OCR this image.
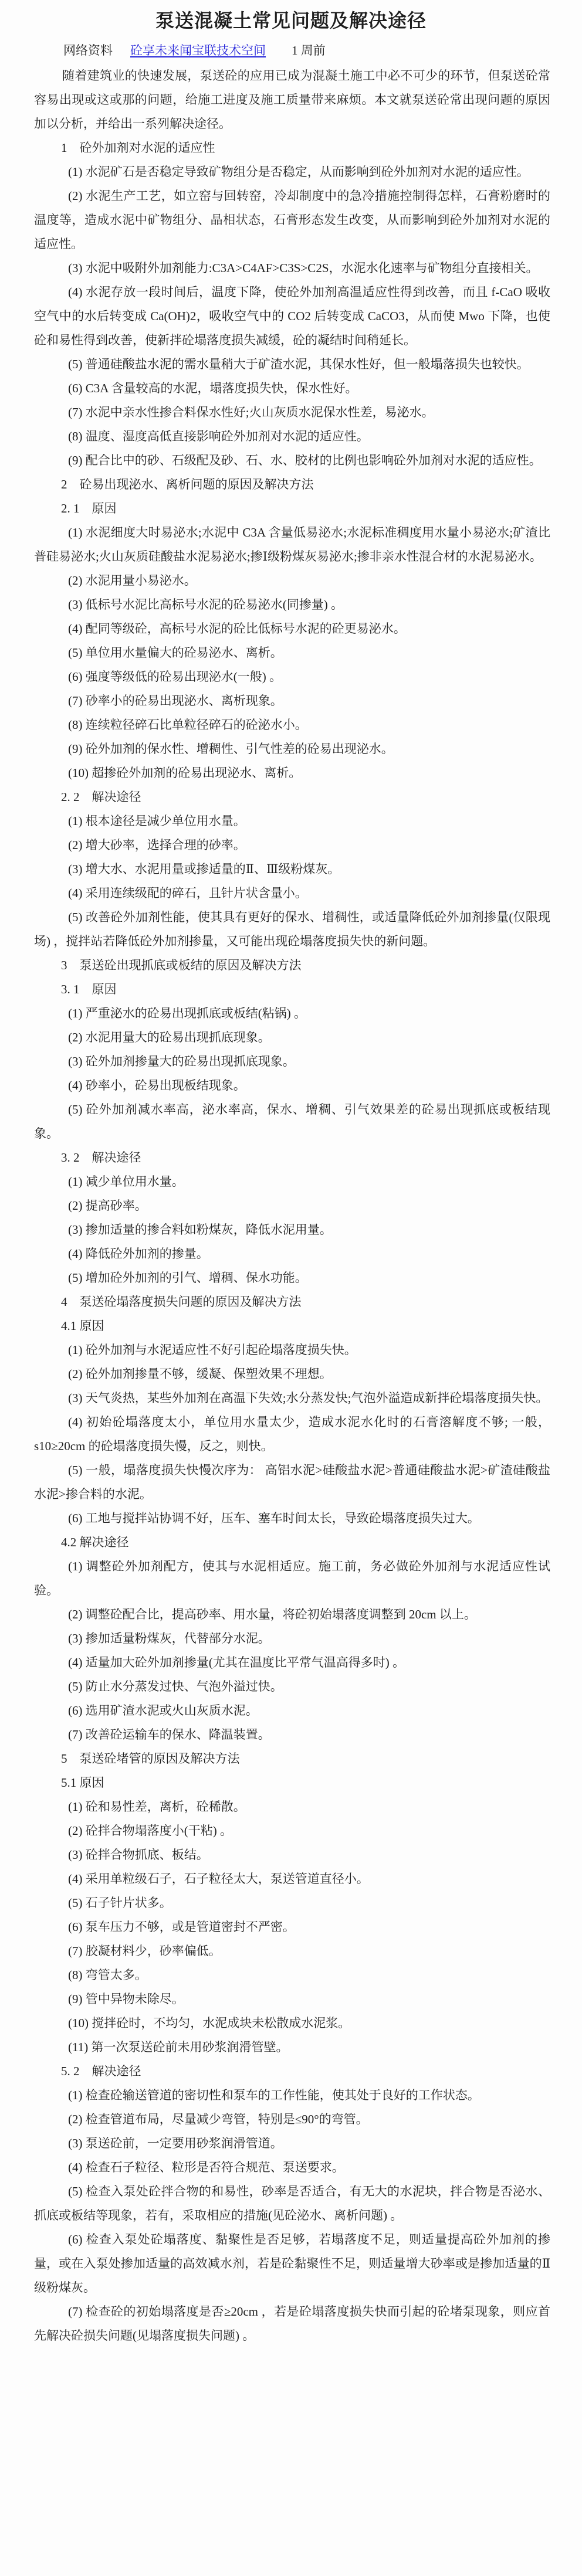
泵送混凝土常见问题及解决途径
网络资料 砼享未来闻宝联技术空间 1 周前

随着建筑业的快速发展，泵送砼的应用已成为混凝土施工中必不可少的环节，但泵送砼常容易出现或这或那的问题，给施工进度及施工质量带来麻烦。本文就泵送砼常出现问题的原因加以分析，并给出一系列解决途径。

1　砼外加剂对水泥的适应性

(1) 水泥矿石是否稳定导致矿物组分是否稳定，从而影响到砼外加剂对水泥的适应性。

(2) 水泥生产工艺，如立窑与回转窑，冷却制度中的急冷措施控制得怎样，石膏粉磨时的温度等，造成水泥中矿物组分、晶相状态，石膏形态发生改变，从而影响到砼外加剂对水泥的适应性。

(3) 水泥中吸附外加剂能力:C3A>C4AF>C3S>C2S，水泥水化速率与矿物组分直接相关。

(4) 水泥存放一段时间后，温度下降，使砼外加剂高温适应性得到改善，而且 f-CaO 吸收空气中的水后转变成 Ca(OH)2，吸收空气中的 CO2 后转变成 CaCO3，从而使 Mwo 下降，也使砼和易性得到改善，使新拌砼塌落度损失减缓，砼的凝结时间稍延长。

(5) 普通硅酸盐水泥的需水量稍大于矿渣水泥，其保水性好，但一般塌落损失也较快。

(6) C3A 含量较高的水泥，塌落度损失快，保水性好。

(7) 水泥中亲水性掺合料保水性好;火山灰质水泥保水性差，易泌水。

(8) 温度、湿度高低直接影响砼外加剂对水泥的适应性。

(9) 配合比中的砂、石级配及砂、石、水、胶材的比例也影响砼外加剂对水泥的适应性。

2　砼易出现泌水、离析问题的原因及解决方法

2. 1　原因

(1) 水泥细度大时易泌水;水泥中 C3A 含量低易泌水;水泥标准稠度用水量小易泌水;矿渣比普硅易泌水;火山灰质硅酸盐水泥易泌水;掺Ⅰ级粉煤灰易泌水;掺非亲水性混合材的水泥易泌水。

(2) 水泥用量小易泌水。

(3) 低标号水泥比高标号水泥的砼易泌水(同掺量) 。

(4) 配同等级砼，高标号水泥的砼比低标号水泥的砼更易泌水。

(5) 单位用水量偏大的砼易泌水、离析。

(6) 强度等级低的砼易出现泌水(一般) 。

(7) 砂率小的砼易出现泌水、离析现象。

(8) 连续粒径碎石比单粒径碎石的砼泌水小。

(9) 砼外加剂的保水性、增稠性、引气性差的砼易出现泌水。

(10) 超掺砼外加剂的砼易出现泌水、离析。

2. 2　解决途径

(1) 根本途径是减少单位用水量。

(2) 增大砂率，选择合理的砂率。

(3) 增大水、水泥用量或掺适量的Ⅱ、Ⅲ级粉煤灰。

(4) 采用连续级配的碎石，且针片状含量小。

(5) 改善砼外加剂性能，使其具有更好的保水、增稠性，或适量降低砼外加剂掺量(仅限现场) ，搅拌站若降低砼外加剂掺量，又可能出现砼塌落度损失快的新问题。

3　泵送砼出现抓底或板结的原因及解决方法

3. 1　原因

(1) 严重泌水的砼易出现抓底或板结(粘锅) 。

(2) 水泥用量大的砼易出现抓底现象。

(3) 砼外加剂掺量大的砼易出现抓底现象。

(4) 砂率小，砼易出现板结现象。

(5) 砼外加剂减水率高，泌水率高，保水、增稠、引气效果差的砼易出现抓底或板结现象。

3. 2　解决途径

(1) 减少单位用水量。

(2) 提高砂率。

(3) 掺加适量的掺合料如粉煤灰，降低水泥用量。

(4) 降低砼外加剂的掺量。

(5) 增加砼外加剂的引气、增稠、保水功能。

4　泵送砼塌落度损失问题的原因及解决方法

4.1 原因

(1) 砼外加剂与水泥适应性不好引起砼塌落度损失快。

(2) 砼外加剂掺量不够，缓凝、保塑效果不理想。

(3) 天气炎热，某些外加剂在高温下失效;水分蒸发快;气泡外溢造成新拌砼塌落度损失快。

(4) 初始砼塌落度太小，单位用水量太少，造成水泥水化时的石膏溶解度不够; 一般， s10≥20cm 的砼塌落度损失慢，反之，则快。

(5) 一般，塌落度损失快慢次序为： 高铝水泥>硅酸盐水泥>普通硅酸盐水泥>矿渣硅酸盐水泥>掺合料的水泥。

(6) 工地与搅拌站协调不好，压车、塞车时间太长，导致砼塌落度损失过大。

4.2 解决途径

(1) 调整砼外加剂配方，使其与水泥相适应。施工前，务必做砼外加剂与水泥适应性试验。

(2) 调整砼配合比，提高砂率、用水量，将砼初始塌落度调整到 20cm 以上。

(3) 掺加适量粉煤灰，代替部分水泥。

(4) 适量加大砼外加剂掺量(尤其在温度比平常气温高得多时) 。

(5) 防止水分蒸发过快、气泡外溢过快。

(6) 选用矿渣水泥或火山灰质水泥。

(7) 改善砼运输车的保水、降温装置。

5　泵送砼堵管的原因及解决方法

5.1 原因

(1) 砼和易性差，离析，砼稀散。

(2) 砼拌合物塌落度小(干粘) 。

(3) 砼拌合物抓底、板结。

(4) 采用单粒级石子，石子粒径太大，泵送管道直径小。

(5) 石子针片状多。

(6) 泵车压力不够，或是管道密封不严密。

(7) 胶凝材料少，砂率偏低。

(8) 弯管太多。

(9) 管中异物未除尽。

(10) 搅拌砼时，不均匀，水泥成块未松散成水泥浆。

(11) 第一次泵送砼前未用砂浆润滑管壁。

5. 2　解决途径

(1) 检查砼输送管道的密切性和泵车的工作性能，使其处于良好的工作状态。

(2) 检查管道布局，尽量减少弯管，特别是≤90°的弯管。

(3) 泵送砼前，一定要用砂浆润滑管道。

(4) 检查石子粒径、粒形是否符合规范、泵送要求。

(5) 检查入泵处砼拌合物的和易性，砂率是否适合，有无大的水泥块，拌合物是否泌水、抓底或板结等现象，若有，采取相应的措施(见砼泌水、离析问题) 。

(6) 检查入泵处砼塌落度、黏聚性是否足够，若塌落度不足，则适量提高砼外加剂的掺量，或在入泵处掺加适量的高效减水剂，若是砼黏聚性不足，则适量增大砂率或是掺加适量的Ⅱ级粉煤灰。

(7) 检查砼的初始塌落度是否≥20cm ，若是砼塌落度损失快而引起的砼堵泵现象，则应首先解决砼损失问题(见塌落度损失问题) 。
